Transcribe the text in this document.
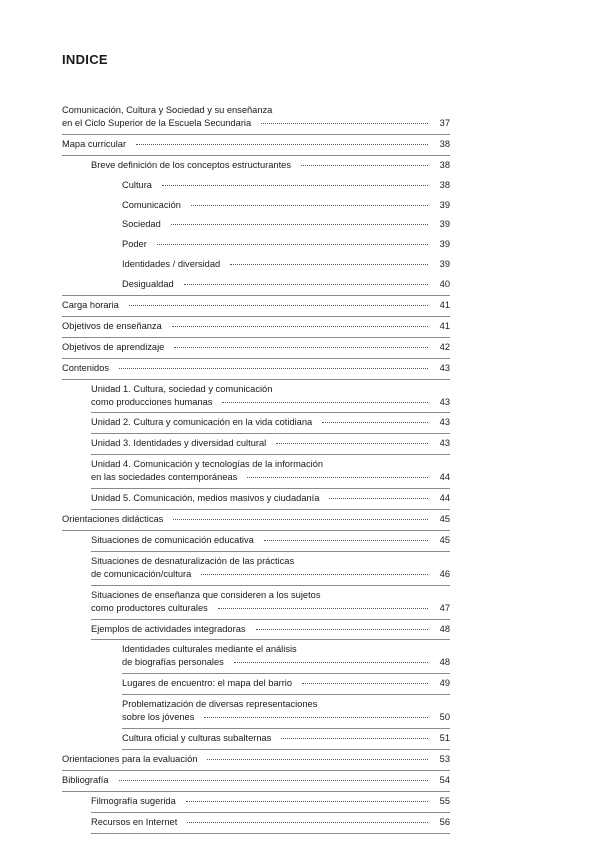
INDICE
Comunicación, Cultura y Sociedad y su enseñanza
en el Ciclo Superior de la Escuela Secundaria	37
Mapa curricular	38
Breve definición de los conceptos estructurantes	38
Cultura	38
Comunicación	39
Sociedad	39
Poder	39
Identidades / diversidad	39
Desigualdad	40
Carga horaria	41
Objetivos de enseñanza	41
Objetivos de aprendizaje	42
Contenidos	43
Unidad 1. Cultura, sociedad y comunicación
como producciones humanas	43
Unidad 2. Cultura y comunicación en la vida cotidiana	43
Unidad 3. Identidades y diversidad cultural	43
Unidad 4. Comunicación y tecnologías de la información
en las sociedades contemporáneas	44
Unidad 5. Comunicación, medios masivos y ciudadanía	44
Orientaciones didácticas	45
Situaciones de comunicación educativa	45
Situaciones de desnaturalización de las prácticas
de comunicación/cultura	46
Situaciones de enseñanza que consideren a los sujetos
como productores culturales	47
Ejemplos de actividades integradoras	48
Identidades culturales mediante el análisis
de biografías personales	48
Lugares de encuentro: el mapa del barrio	49
Problematización de diversas representaciones
sobre los jóvenes	50
Cultura oficial y culturas subalternas	51
Orientaciones para la evaluación	53
Bibliografía	54
Filmografía sugerida	55
Recursos en Internet	56
